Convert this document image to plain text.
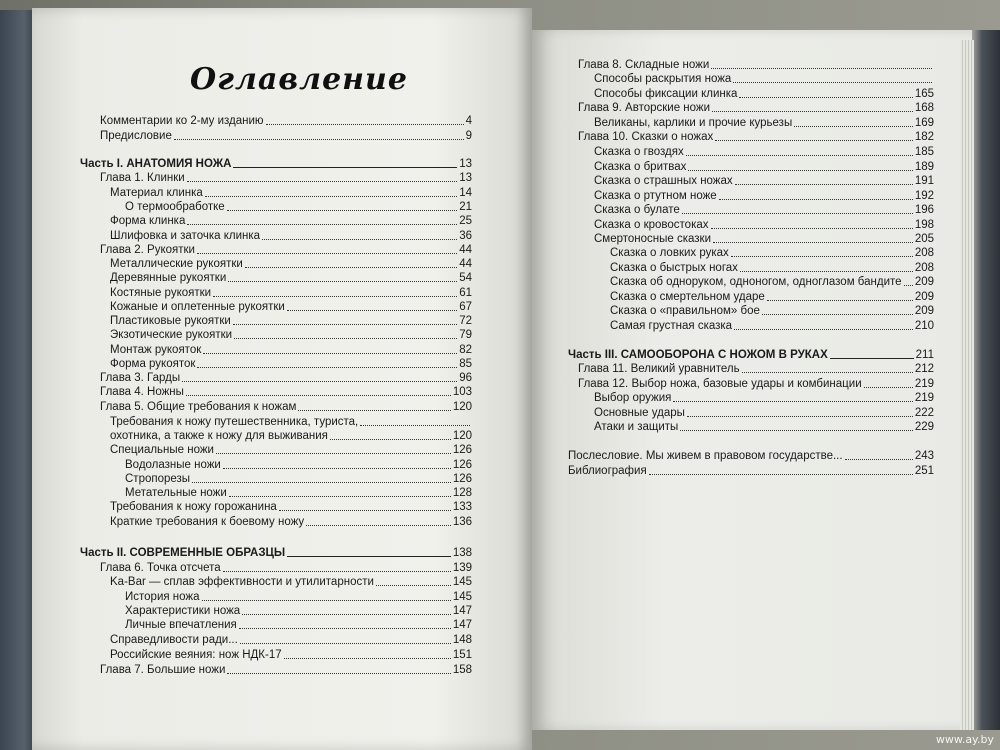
Оглавление
Комментарии ко 2-му изданию	4
Предисловие	9
Часть I. АНАТОМИЯ НОЖА	13
Глава 1. Клинки	13
Материал клинка	14
О термообработке	21
Форма клинка	25
Шлифовка и заточка клинка	36
Глава 2. Рукоятки	44
Металлические рукоятки	44
Деревянные рукоятки	54
Костяные рукоятки	61
Кожаные и оплетенные рукоятки	67
Пластиковые рукоятки	72
Экзотические рукоятки	79
Монтаж рукояток	82
Форма рукояток	85
Глава 3. Гарды	96
Глава 4. Ножны	103
Глава 5. Общие требования к ножам	120
Требования к ножу путешественника, туриста,
охотника, а также к ножу для выживания	120
Специальные ножи	126
Водолазные ножи	126
Стропорезы	126
Метательные ножи	128
Требования к ножу горожанина	133
Краткие требования к боевому ножу	136
Часть II. СОВРЕМЕННЫЕ ОБРАЗЦЫ	138
Глава 6. Точка отсчета	139
Ka-Bar — сплав эффективности и утилитарности	145
История ножа	145
Характеристики ножа	147
Личные впечатления	147
Справедливости ради...	148
Российские веяния: нож НДК-17	151
Глава 7. Большие ножи	158
Глава 8. Складные ножи
Способы раскрытия ножа
Способы фиксации клинка	165
Глава 9. Авторские ножи	168
Великаны, карлики и прочие курьезы	169
Глава 10. Сказки о ножах	182
Сказка о гвоздях	185
Сказка о бритвах	189
Сказка о страшных ножах	191
Сказка о ртутном ноже	192
Сказка о булате	196
Сказка о кровостоках	198
Смертоносные сказки	205
Сказка о ловких руках	208
Сказка о быстрых ногах	208
Сказка об одноруком, одноногом, одноглазом бандите 209
Сказка о смертельном ударе	209
Сказка о «правильном» бое	209
Самая грустная сказка	210
Часть III. САМООБОРОНА С НОЖОМ В РУКАХ	211
Глава 11. Великий уравнитель	212
Глава 12. Выбор ножа, базовые удары и комбинации	219
Выбор оружия	219
Основные удары	222
Атаки и защиты	229
Послесловие. Мы живем в правовом государстве...	243
Библиография	251
www.ay.by
